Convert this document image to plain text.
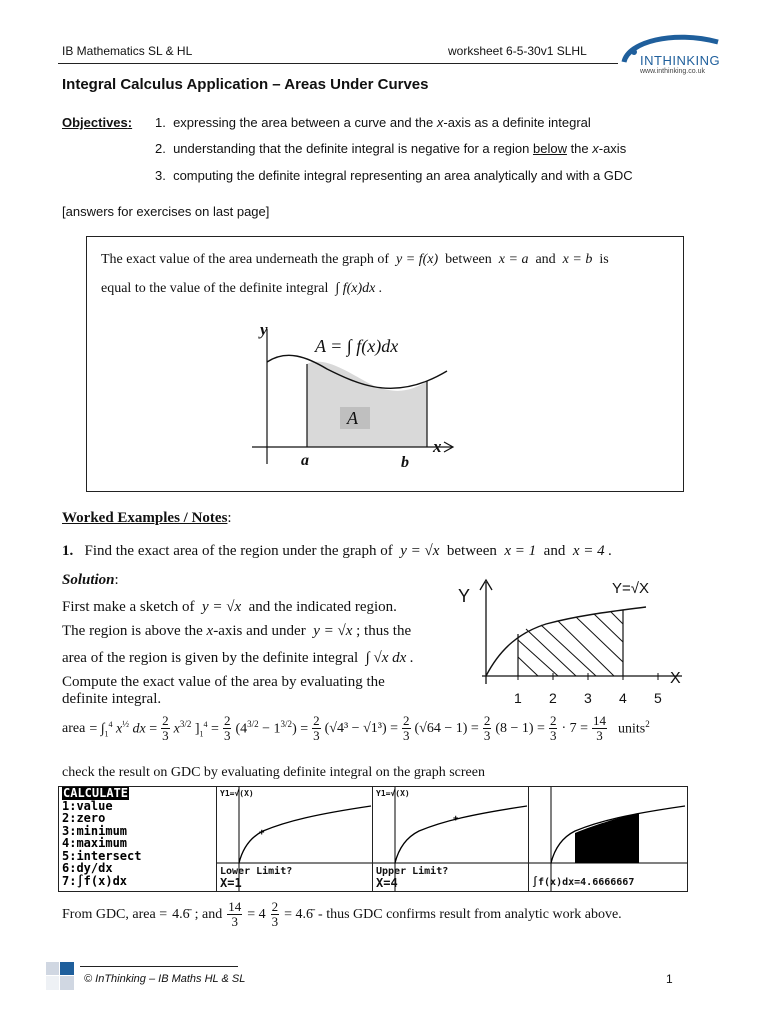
IB Mathematics SL & HL	worksheet 6-5-30v1 SLHL
INTHINKING
www.inthinking.co.uk
Integral Calculus Application – Areas Under Curves
Objectives: 1. expressing the area between a curve and the x-axis as a definite integral
2. understanding that the definite integral is negative for a region below the x-axis
3. computing the definite integral representing an area analytically and with a GDC
[answers for exercises on last page]
The exact value of the area underneath the graph of y = f(x) between x = a and x = b is
equal to the value of the definite integral ∫ f(x)dx .
y
x
a	b
A
A = ∫ f(x)dx
Worked Examples / Notes:
1. Find the exact area of the region under the graph of y = √x between x = 1 and x = 4 .
Solution:
First make a sketch of y = √x and the indicated region.
The region is above the x-axis and under  y = √x ; thus the
area of the region is given by the definite integral ∫ √x dx .
Compute the exact value of the area by evaluating the
definite integral.
Y	Y=√X
X
1 2 3 4 5
area = $\int_1^4$ $x^{\frac{1}{2}}$ dx = $\frac{2}{3} x^{3/2}$ ]$_1^4 = \frac{2}{3} (4^{3/2} - 1^{3/2}) = \frac{2}{3} (√4^3 - √1^3) = \frac{2}{3} (√64 - 1) = \frac{2}{3} (8 - 1) = \frac{2}{3} \cdot 7 = \frac{14}{3}$ units$^2$
check the result on GDC by evaluating definite integral on the graph screen
CALCULATE
1:value
2:zero
3:minimum
4:maximum
5:intersect
6:dy/dx
7:∫f(x)dx
Y1=√(X)
+
Lower Limit?
X=1
Y1=√(X)
+
Upper Limit?
X=4	∫f(x)dx=4.6666667
From GDC, area = 4.6̄ ; and $\frac{14}{3} = 4 \frac{2}{3}$ = 4.6̄ - thus GDC confirms result from analytic work above.
© InThinking – IB Maths HL & SL	1
